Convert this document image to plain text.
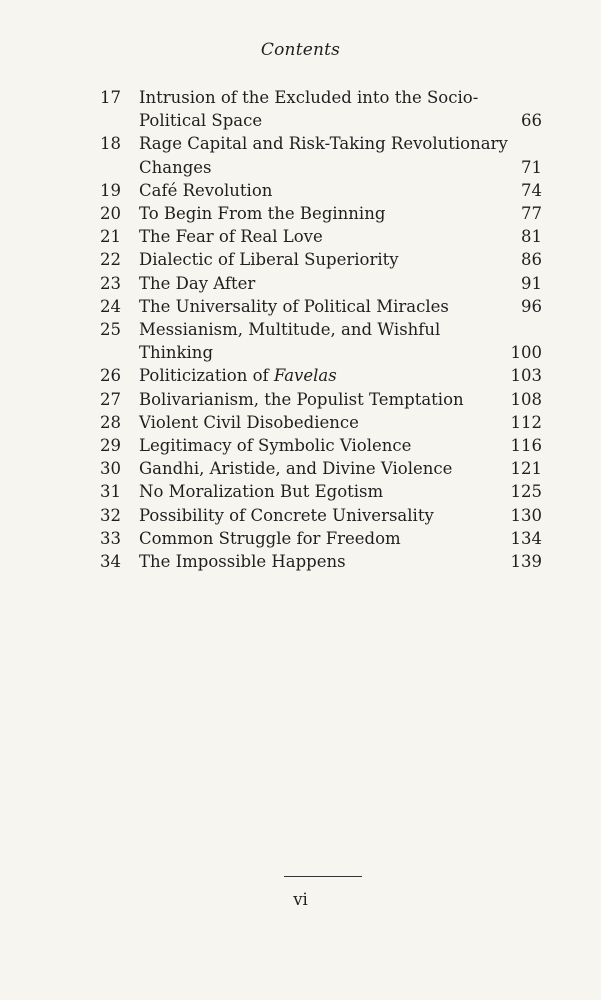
Contents
17 Intrusion of the Excluded into the Socio-
Political Space	66
18 Rage Capital and Risk-Taking Revolutionary
Changes	71
19 Café Revolution	74
20 To Begin From the Beginning	77
21 The Fear of Real Love	81
22 Dialectic of Liberal Superiority	86
23 The Day After	91
24 The Universality of Political Miracles	96
25 Messianism, Multitude, and Wishful
Thinking	100
26 Politicization of Favelas	103
27 Bolivarianism, the Populist Temptation	108
28 Violent Civil Disobedience	112
29 Legitimacy of Symbolic Violence	116
30 Gandhi, Aristide, and Divine Violence	121
31 No Moralization But Egotism	125
32 Possibility of Concrete Universality	130
33 Common Struggle for Freedom	134
34 The Impossible Happens	139
vi
